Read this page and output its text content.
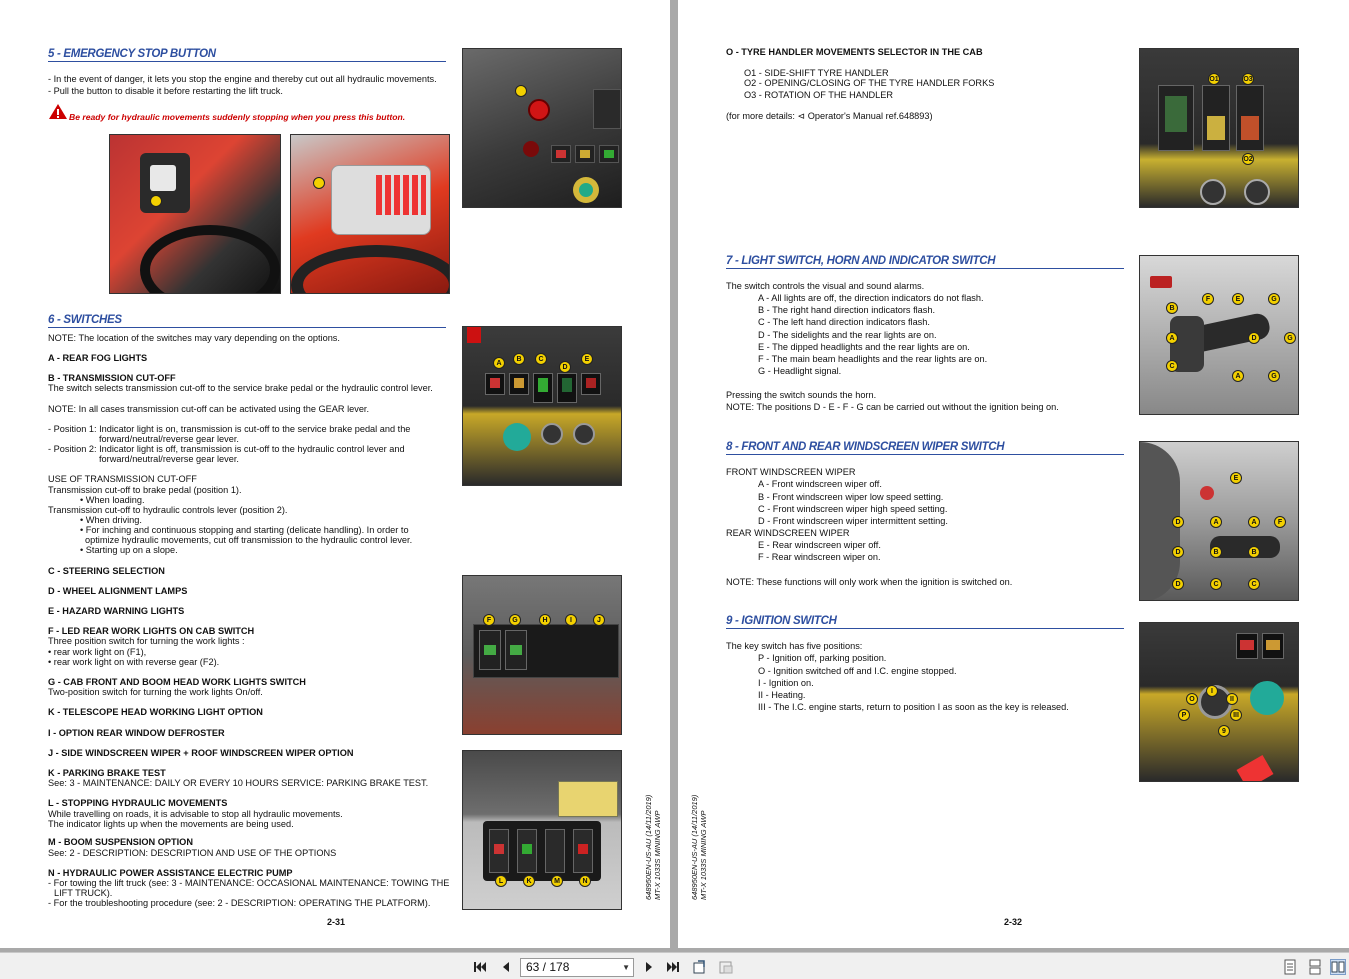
5 - EMERGENCY STOP BUTTON
- In the event of danger, it lets you stop the engine and thereby cut out all hydraulic movements.
- Pull the button to disable it before restarting the lift truck.
Be ready for hydraulic movements suddenly stopping when you press this button.
6 - SWITCHES
NOTE: The location of the switches may vary depending on the options.
A - REAR FOG LIGHTS
B - TRANSMISSION CUT-OFF
The switch selects transmission cut-off to the service brake pedal or the hydraulic control lever.
NOTE: In all cases transmission cut-off can be activated using the GEAR lever.
- Position 1: Indicator light is on, transmission is cut-off to the service brake pedal and the
forward/neutral/reverse gear lever.
- Position 2: Indicator light is off, transmission is cut-off to the hydraulic control lever and
forward/neutral/reverse gear lever.
USE OF TRANSMISSION CUT-OFF
Transmission cut-off to brake pedal (position 1).
• When loading.
Transmission cut-off to hydraulic controls lever (position 2).
• When driving.
• For inching and continuous stopping and starting (delicate handling). In order to
optimize hydraulic movements, cut off transmission to the hydraulic control lever.
• Starting up on a slope.
C - STEERING SELECTION
D - WHEEL ALIGNMENT LAMPS
E - HAZARD WARNING LIGHTS
F - LED REAR WORK LIGHTS ON CAB SWITCH
Three position switch for turning the work lights :
• rear work light on (F1),
• rear work light on with reverse gear (F2).
G - CAB FRONT AND BOOM HEAD WORK LIGHTS SWITCH
Two-position switch for turning the work lights On/off.
K - TELESCOPE HEAD WORKING LIGHT OPTION
I - OPTION REAR WINDOW DEFROSTER
J - SIDE WINDSCREEN WIPER + ROOF WINDSCREEN WIPER OPTION
K - PARKING BRAKE TEST
See: 3 - MAINTENANCE: DAILY OR EVERY 10 HOURS SERVICE: PARKING BRAKE TEST.
L - STOPPING HYDRAULIC MOVEMENTS
While travelling on roads, it is advisable to stop all hydraulic movements.
The indicator lights up when the movements are being used.
M - BOOM SUSPENSION OPTION
See: 2 - DESCRIPTION: DESCRIPTION AND USE OF THE OPTIONS
N - HYDRAULIC POWER ASSISTANCE ELECTRIC PUMP
- For towing the lift truck (see: 3 - MAINTENANCE: OCCASIONAL MAINTENANCE: TOWING THE
LIFT TRUCK).
- For the troubleshooting procedure (see: 2 - DESCRIPTION: OPERATING THE PLATFORM).
A
B	C
D
E
F	G	H	I	J
L	K	M	N	648950EN-US-AU (14/11/2019) MT-X 1033S MINING AWP
2-31
O - TYRE HANDLER MOVEMENTS SELECTOR IN THE CAB
O1 - SIDE-SHIFT TYRE HANDLER
O2 - OPENING/CLOSING OF THE TYRE HANDLER FORKS
O3 - ROTATION OF THE HANDLER
(for more details: ⊲ Operator's Manual ref.648893)
O1	O3
O2
7 - LIGHT SWITCH, HORN AND INDICATOR SWITCH
The switch controls the visual and sound alarms.
A - All lights are off, the direction indicators do not flash.
B - The right hand direction indicators flash.
C - The left hand direction indicators flash.
D - The sidelights and the rear lights are on.
E - The dipped headlights and the rear lights are on.
F - The main beam headlights and the rear lights are on.
G - Headlight signal.
Pressing the switch sounds the horn.
NOTE: The positions D - E - F - G can be carried out without the ignition being on.
B
A
C
F	E	G
D	G
A	G
8 - FRONT AND REAR WINDSCREEN WIPER SWITCH
FRONT WINDSCREEN WIPER
A - Front windscreen wiper off.
B - Front windscreen wiper low speed setting.
C - Front windscreen wiper high speed setting.
D - Front windscreen wiper intermittent setting.
REAR WINDSCREEN WIPER
E - Rear windscreen wiper off.
F - Rear windscreen wiper on.
NOTE: These functions will only work when the ignition is switched on.
E
D	A	A	F
D	B	B
D	C	C
9 - IGNITION SWITCH
The key switch has five positions:
P - Ignition off, parking position.
O - Ignition switched off and I.C. engine stopped.
I - Ignition on.
II - Heating.
III - The I.C. engine starts, return to position I as soon as the key is released.
O
I
II
P	III
9
648950EN-US-AU (14/11/2019) MT-X 1033S MINING AWP
2-32
63 / 178	▼
